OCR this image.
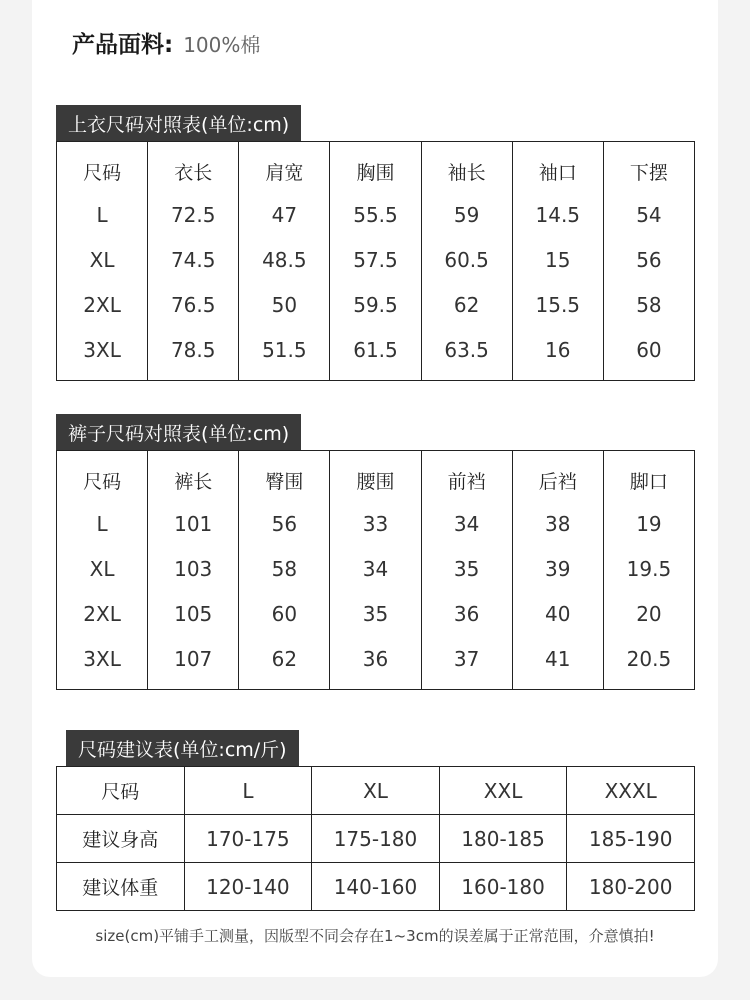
产品面料: 100%棉
上衣尺码对照表(单位:cm)
尺码	衣长	肩宽	胸围	袖长	袖口	下摆
L	72.5	47	55.5	59	14.5	54
XL	74.5	48.5	57.5	60.5	15	56
2XL	76.5	50	59.5	62	15.5	58
3XL	78.5	51.5	61.5	63.5	16	60
裤子尺码对照表(单位:cm)
尺码	裤长	臀围	腰围	前裆	后裆	脚口
L	101	56	33	34	38	19
XL	103	58	34	35	39	19.5
2XL	105	60	35	36	40	20
3XL	107	62	36	37	41	20.5
尺码建议表(单位:cm/斤)
尺码	L	XL	XXL	XXXL
建议身高	170-175	175-180	180-185	185-190
建议体重	120-140	140-160	160-180	180-200
size(cm)平铺手工测量，因版型不同会存在1~3cm的误差属于正常范围，介意慎拍!
